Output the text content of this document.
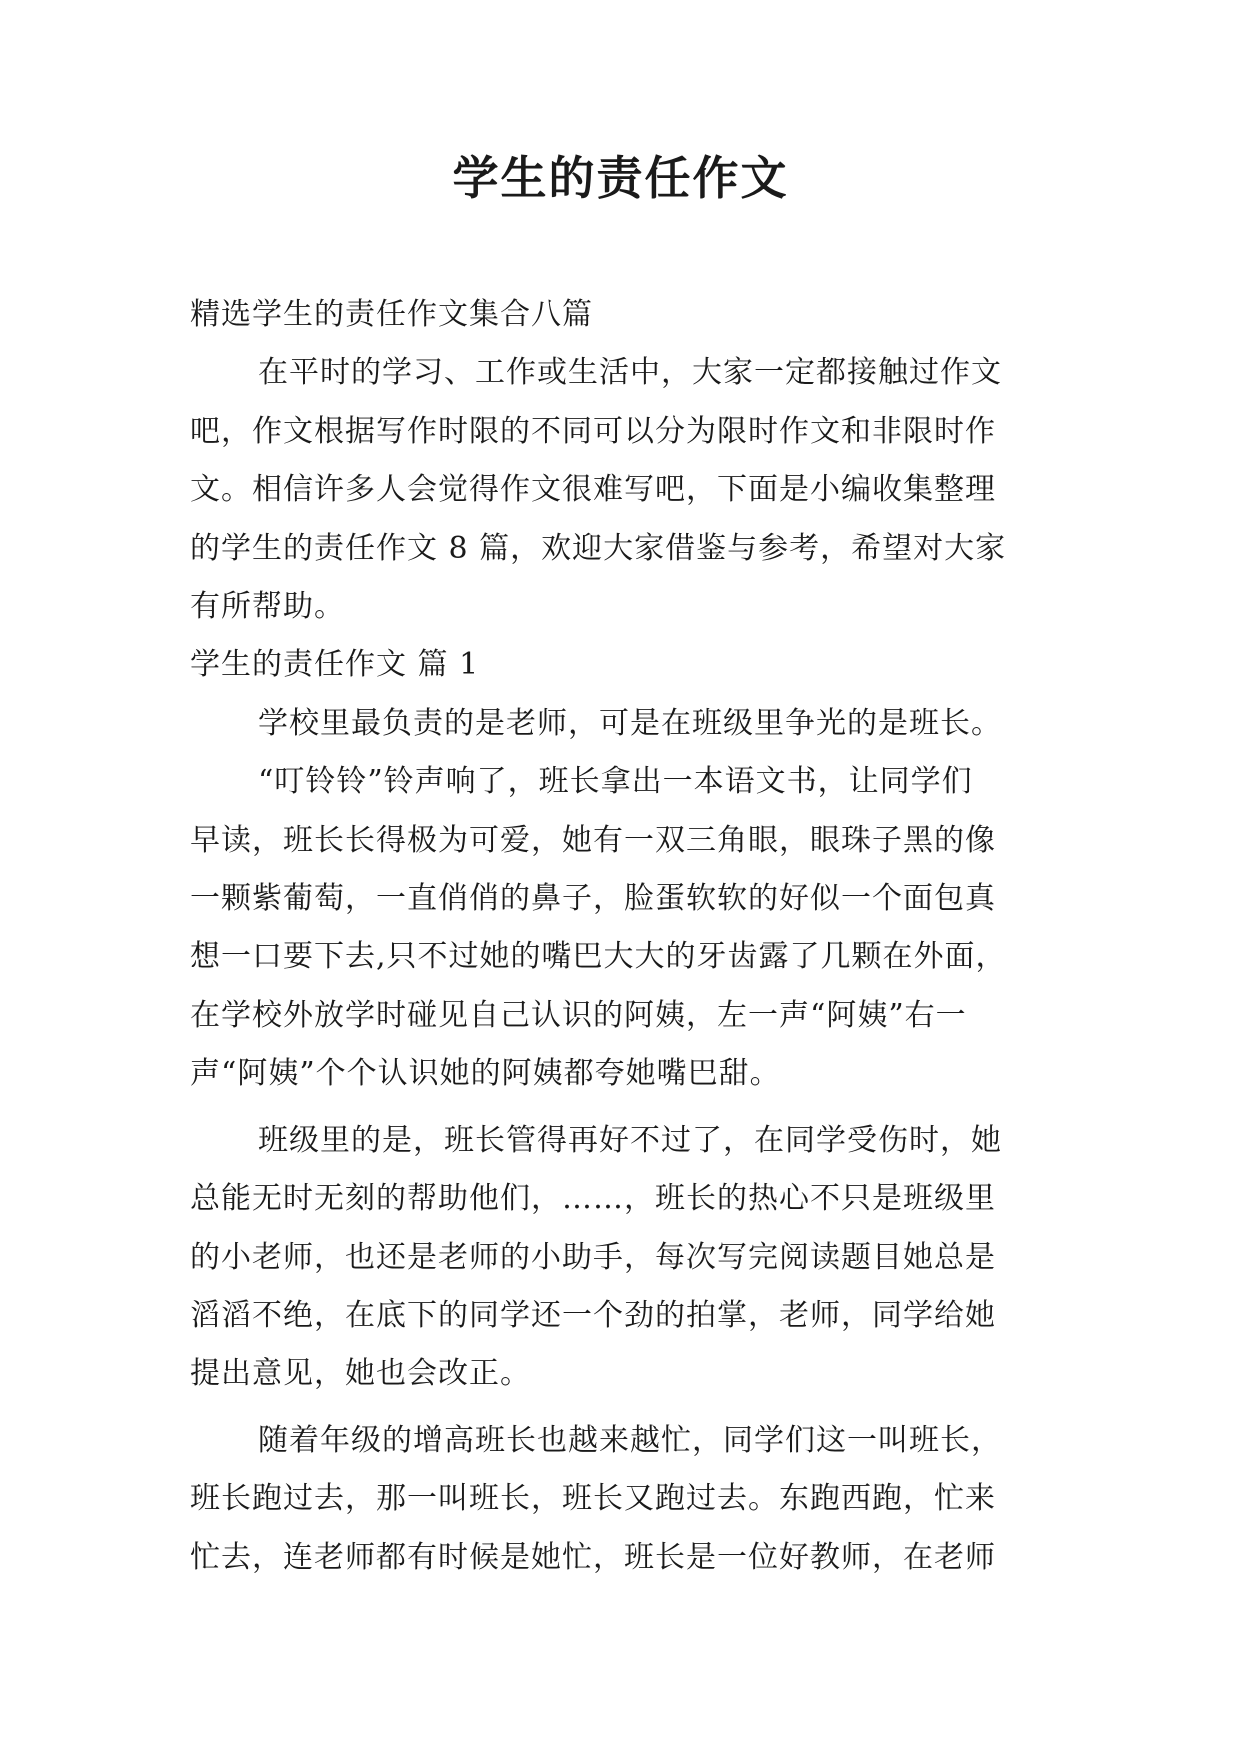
学生的责任作文

精选学生的责任作文集合八篇

在平时的学习、工作或生活中，大家一定都接触过作文

吧，作文根据写作时限的不同可以分为限时作文和非限时作

文。相信许多人会觉得作文很难写吧，下面是小编收集整理

的学生的责任作文 8 篇，欢迎大家借鉴与参考，希望对大家

有所帮助。

学生的责任作文 篇 1

学校里最负责的是老师，可是在班级里争光的是班长。

“叮铃铃”铃声响了，班长拿出一本语文书，让同学们

早读，班长长得极为可爱，她有一双三角眼，眼珠子黑的像

一颗紫葡萄，一直俏俏的鼻子，脸蛋软软的好似一个面包真

想一口要下去,只不过她的嘴巴大大的牙齿露了几颗在外面，

在学校外放学时碰见自己认识的阿姨，左一声“阿姨”右一

声“阿姨”个个认识她的阿姨都夸她嘴巴甜。

班级里的是，班长管得再好不过了，在同学受伤时，她

总能无时无刻的帮助他们，……，班长的热心不只是班级里

的小老师，也还是老师的小助手，每次写完阅读题目她总是

滔滔不绝，在底下的同学还一个劲的拍掌，老师，同学给她

提出意见，她也会改正。

随着年级的增高班长也越来越忙，同学们这一叫班长，

班长跑过去，那一叫班长，班长又跑过去。东跑西跑，忙来

忙去，连老师都有时候是她忙，班长是一位好教师，在老师
